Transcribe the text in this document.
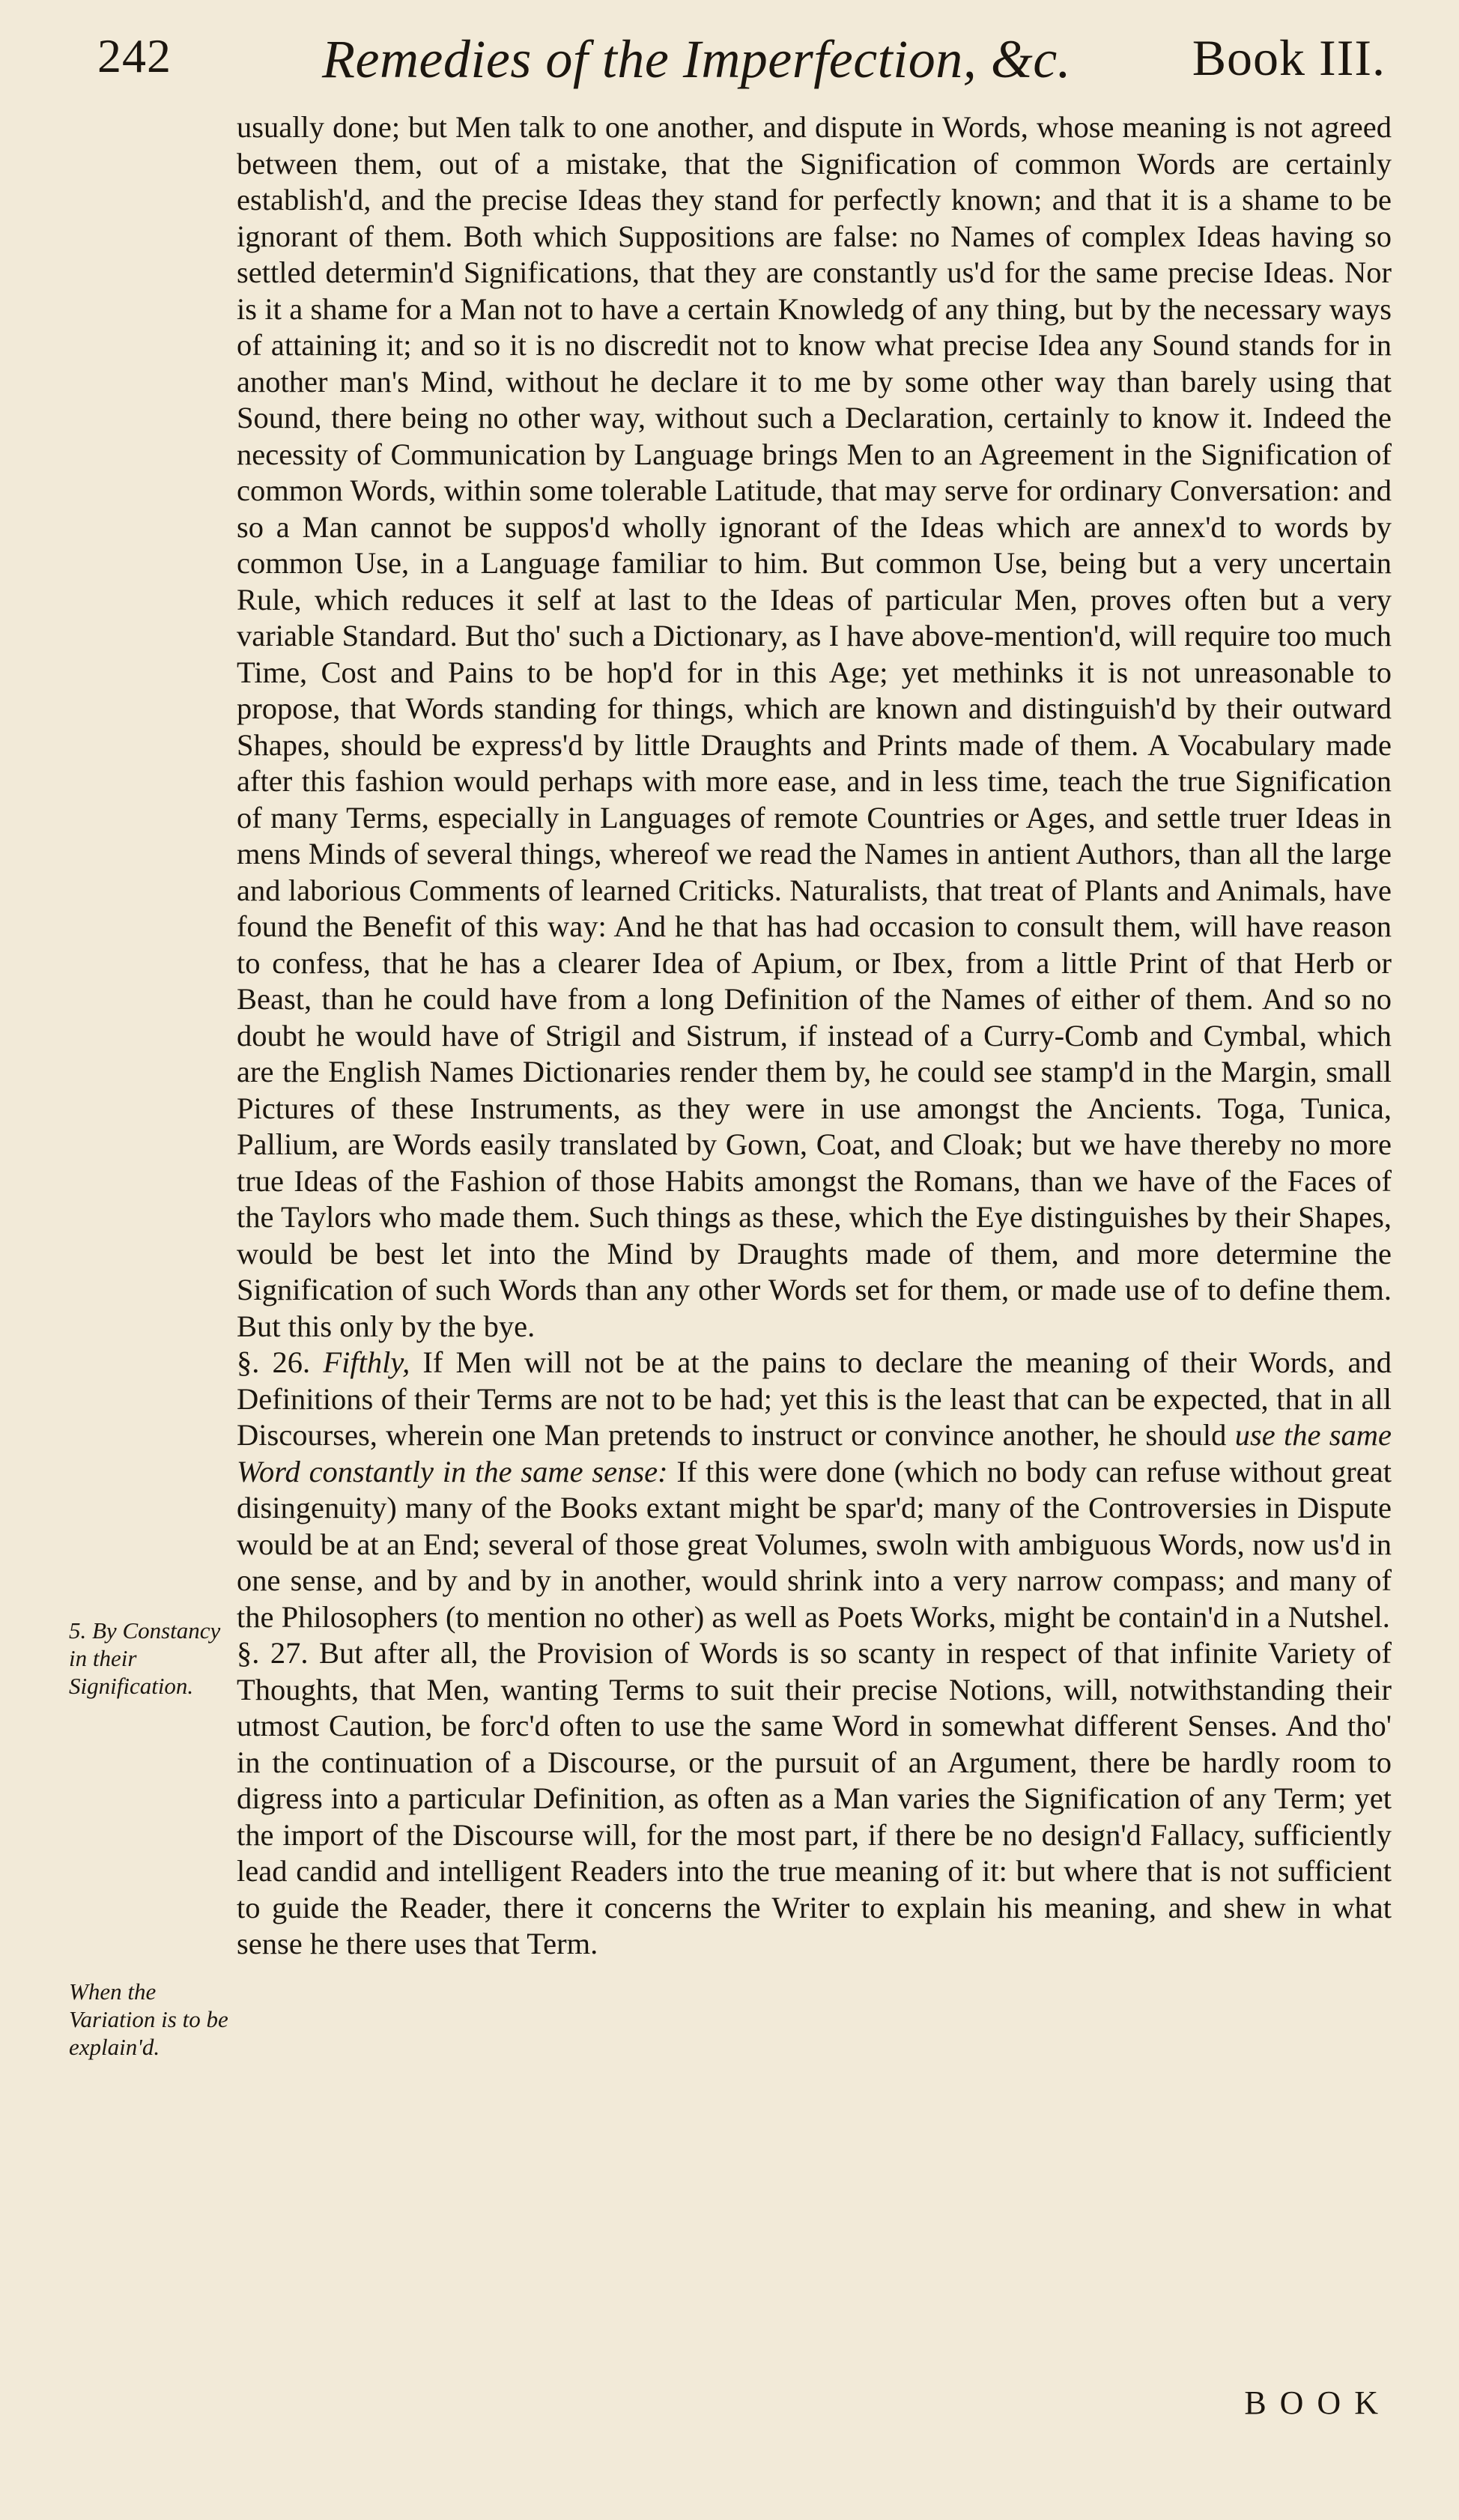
242	Remedies of the Imperfection, &c. Book III.

usually done; but Men talk to one another, and dispute in Words, whose meaning is not agreed between them, out of a mistake, that the Signification of common Words are certainly establish'd, and the precise Ideas they stand for perfectly known; and that it is a shame to be ignorant of them. Both which Suppositions are false: no Names of complex Ideas having so settled determin'd Significations, that they are constantly us'd for the same precise Ideas. Nor is it a shame for a Man not to have a certain Knowledg of any thing, but by the necessary ways of attaining it; and so it is no discredit not to know what precise Idea any Sound stands for in another man's Mind, without he declare it to me by some other way than barely using that Sound, there being no other way, without such a Declaration, certainly to know it. Indeed the necessity of Communication by Language brings Men to an Agreement in the Signification of common Words, within some tolerable Latitude, that may serve for ordinary Conversation: and so a Man cannot be suppos'd wholly ignorant of the Ideas which are annex'd to words by common Use, in a Language familiar to him. But common Use, being but a very uncertain Rule, which reduces it self at last to the Ideas of particular Men, proves often but a very variable Standard. But tho' such a Dictionary, as I have above-mention'd, will require too much Time, Cost and Pains to be hop'd for in this Age; yet methinks it is not unreasonable to propose, that Words standing for things, which are known and distinguish'd by their outward Shapes, should be express'd by little Draughts and Prints made of them. A Vocabulary made after this fashion would perhaps with more ease, and in less time, teach the true Signification of many Terms, especially in Languages of remote Countries or Ages, and settle truer Ideas in mens Minds of several things, whereof we read the Names in antient Authors, than all the large and laborious Comments of learned Criticks. Naturalists, that treat of Plants and Animals, have found the Benefit of this way: And he that has had occasion to consult them, will have reason to confess, that he has a clearer Idea of Apium, or Ibex, from a little Print of that Herb or Beast, than he could have from a long Definition of the Names of either of them. And so no doubt he would have of Strigil and Sistrum, if instead of a Curry-Comb and Cymbal, which are the English Names Dictionaries render them by, he could see stamp'd in the Margin, small Pictures of these Instruments, as they were in use amongst the Ancients. Toga, Tunica, Pallium, are Words easily translated by Gown, Coat, and Cloak; but we have thereby no more true Ideas of the Fashion of those Habits amongst the Romans, than we have of the Faces of the Taylors who made them. Such things as these, which the Eye distinguishes by their Shapes, would be best let into the Mind by Draughts made of them, and more determine the Signification of such Words than any other Words set for them, or made use of to define them. But this only by the bye.

§. 26. Fifthly, If Men will not be at the pains to declare the meaning of their Words, and Definitions of their Terms are not to be had; yet this is the least that can be expected, that in all Discourses, wherein one Man pretends to instruct or convince another, he should use the same Word constantly in the same sense: If this were done (which no body can refuse without great disingenuity) many of the Books extant might be spar'd; many of the Controversies in Dispute would be at an End; several of those great Volumes, swoln with ambiguous Words, now us'd in one sense, and by and by in another, would shrink into a very narrow compass; and many of the Philosophers (to mention no other) as well as Poets Works, might be contain'd in a Nutshel.

§. 27. But after all, the Provision of Words is so scanty in respect of that infinite Variety of Thoughts, that Men, wanting Terms to suit their precise Notions, will, notwithstanding their utmost Caution, be forc'd often to use the same Word in somewhat different Senses. And tho' in the continuation of a Discourse, or the pursuit of an Argument, there be hardly room to digress into a particular Definition, as often as a Man varies the Signification of any Term; yet the import of the Discourse will, for the most part, if there be no design'd Fallacy, sufficiently lead candid and intelligent Readers into the true meaning of it: but where that is not sufficient to guide the Reader, there it concerns the Writer to explain his meaning, and shew in what sense he there uses that Term.

5. By Constancy in their Signification.
When the Variation is to be explain'd.
BOOK
